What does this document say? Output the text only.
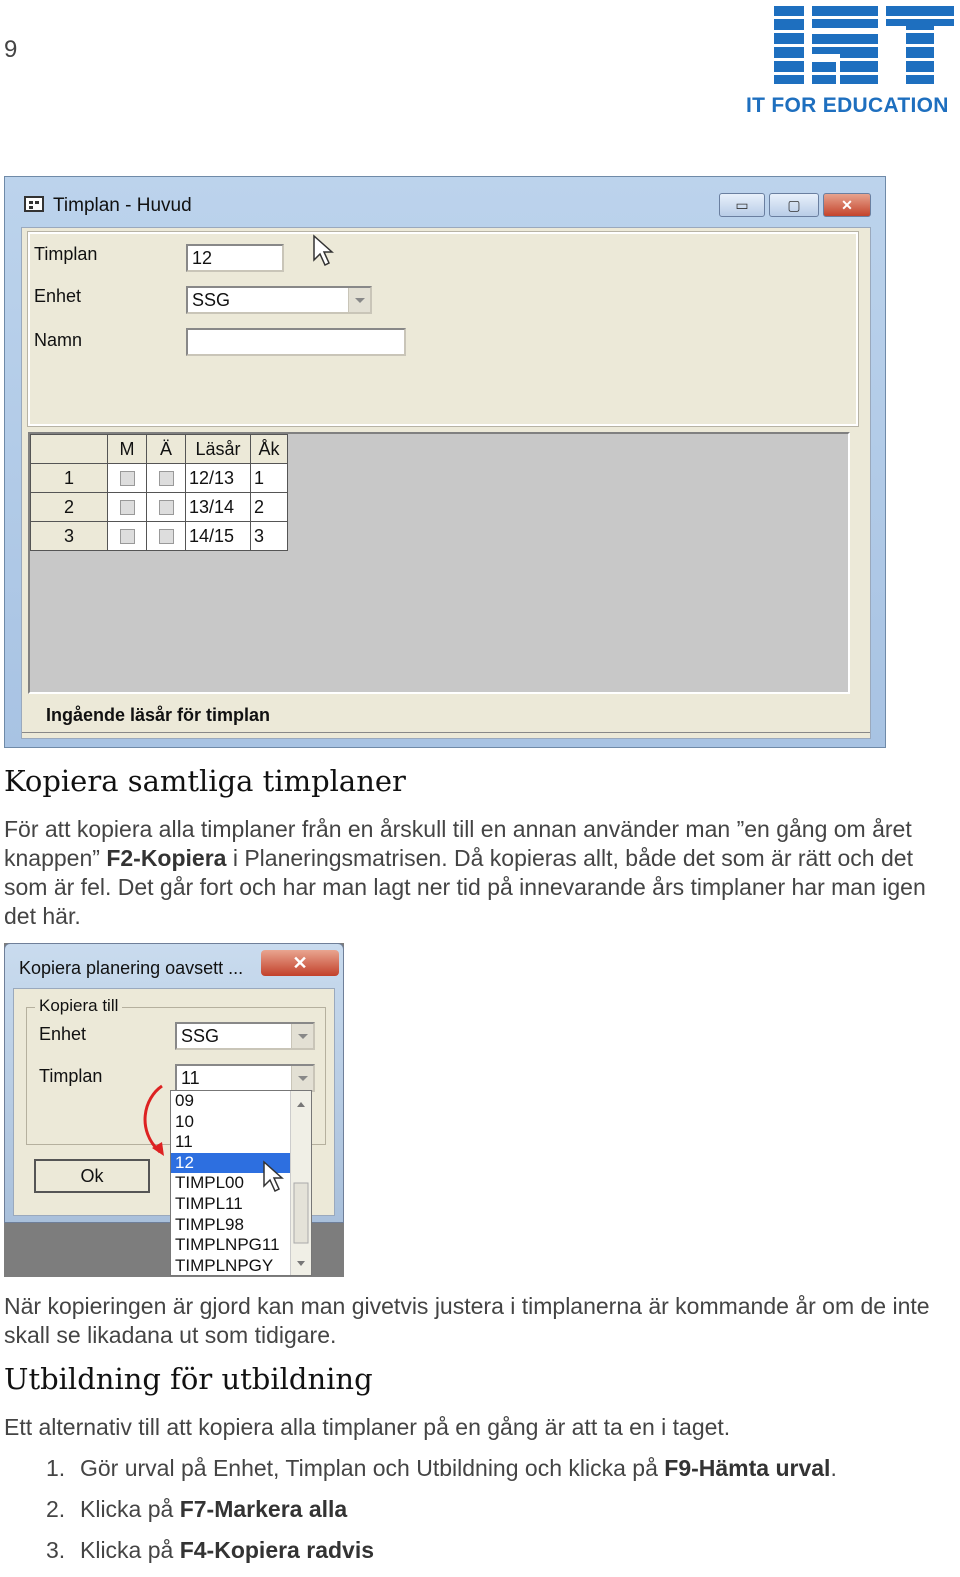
9
IT FOR EDUCATION
Timplan - Huvud	▭	▢	✕
Timplan	12
Enhet	SSG
Namn
	M	Ä	Läsår	Åk
1			12/13	1
2			13/14	2
3			14/15	3
Ingående läsår för timplan
Kopiera samtliga timplaner
För att kopiera alla timplaner från en årskull till en annan använder man ”en gång om året knappen” F2-Kopiera i Planeringsmatrisen. Då kopieras allt, både det som är rätt och det som är fel. Det går fort och har man lagt ner tid på innevarande års timplaner har man igen det här.
Kopiera planering oavsett ...	✕
Kopiera till
Enhet	SSG
Timplan	11
Ok
09
10
11
12
TIMPL00
TIMPL11
TIMPL98
TIMPLNPG11
TIMPLNPGY
När kopieringen är gjord kan man givetvis justera i timplanerna är kommande år om de inte skall se likadana ut som tidigare.
Utbildning för utbildning
Ett alternativ till att kopiera alla timplaner på en gång är att ta en i taget.
1. Gör urval på Enhet, Timplan och Utbildning och klicka på F9-Hämta urval.
2. Klicka på F7-Markera alla
3. Klicka på F4-Kopiera radvis
